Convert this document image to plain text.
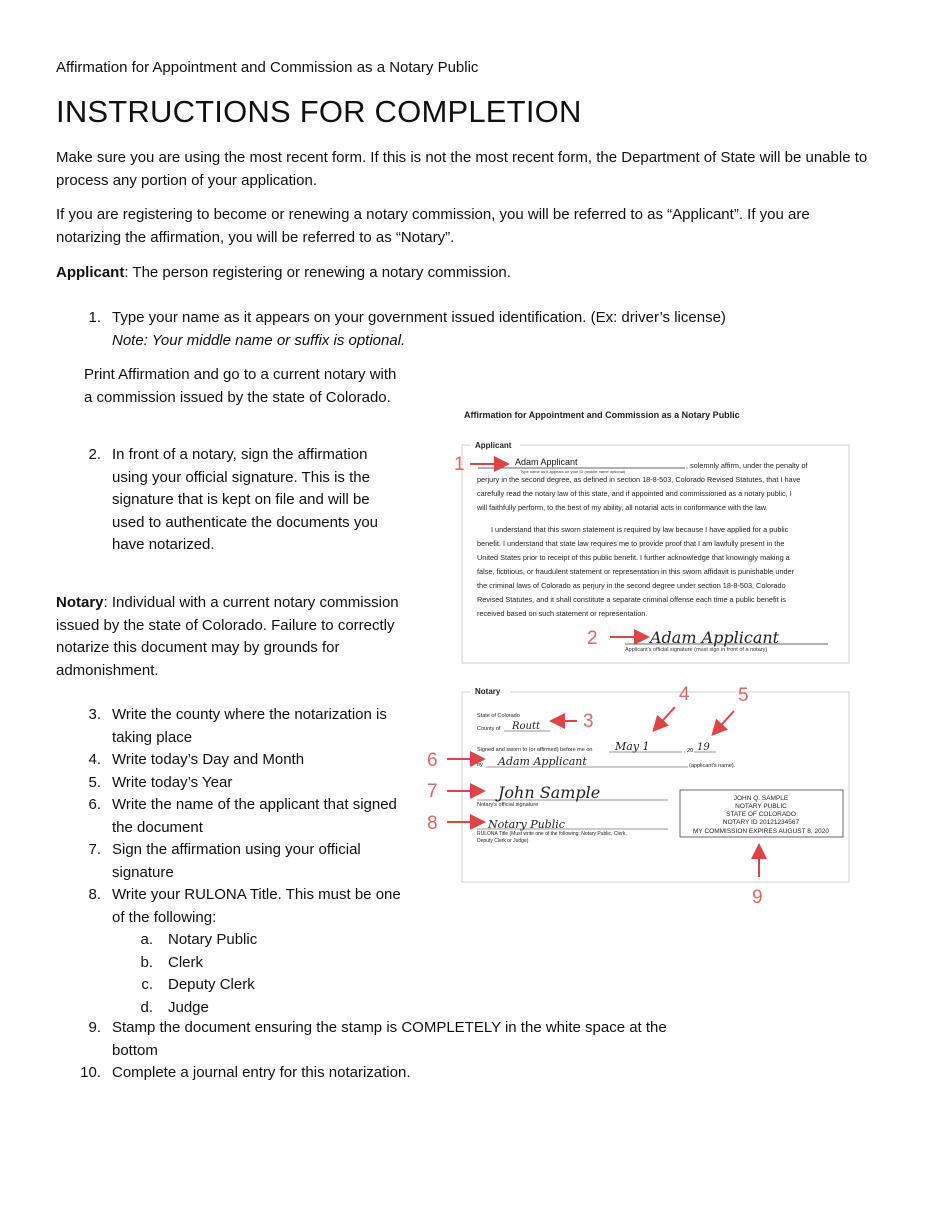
Affirmation for Appointment and Commission as a Notary Public

INSTRUCTIONS FOR COMPLETION

Make sure you are using the most recent form. If this is not the most recent form, the Department of State will be unable to process any portion of your application.

If you are registering to become or renewing a notary commission, you will be referred to as “Applicant”. If you are notarizing the affirmation, you will be referred to as “Notary”.

Applicant: The person registering or renewing a notary commission.

1. Type your name as it appears on your government issued identification. (Ex: driver’s license)
Note: Your middle name or suffix is optional.

Print Affirmation and go to a current notary with a commission issued by the state of Colorado.

2. In front of a notary, sign the affirmation using your official signature. This is the signature that is kept on file and will be used to authenticate the documents you have notarized.

Notary: Individual with a current notary commission issued by the state of Colorado. Failure to correctly notarize this document may by grounds for admonishment.

3. Write the county where the notarization is taking place
4. Write today’s Day and Month
5. Write today’s Year
6. Write the name of the applicant that signed the document
7. Sign the affirmation using your official signature
8. Write your RULONA Title. This must be one of the following:
a. Notary Public
b. Clerk
c. Deputy Clerk
d. Judge
9. Stamp the document ensuring the stamp is COMPLETELY in the white space at the bottom
10. Complete a journal entry for this notarization.
Affirmation for Appointment and Commission as a Notary Public
Applicant
Adam Applicant
Type name as it appears on your ID (middle name optional)
, solemnly affirm, under the penalty of
perjury in the second degree, as defined in section 18-8-503, Colorado Revised Statutes, that I have
carefully read the notary law of this state, and if appointed and commissioned as a notary public, I
will faithfully perform, to the best of my ability, all notarial acts in conformance with the law.
I understand that this sworn statement is required by law because I have applied for a public
benefit. I understand that state law requires me to provide proof that I am lawfully present in the
United States prior to receipt of this public benefit. I further acknowledge that knowingly making a
false, fictitious, or fraudulent statement or representation in this sworn affidavit is punishable under
the criminal laws of Colorado as perjury in the second degree under section 18-8-503, Colorado
Revised Statutes, and it shall constitute a separate criminal offense each time a public benefit is
received based on such statement or representation.
Adam Applicant
Applicant's official signature (must sign in front of a notary)
Notary
State of Colorado
County of Routt
Signed and sworn to (or affirmed) before me on May 1	, 20 19
by Adam Applicant	(applicant's name).
John Sample
Notary's official signature
Notary Public
RULONA Title (Must write one of the following: Notary Public, Clerk,
Deputy Clerk or Judge)
JOHN Q. SAMPLE
NOTARY PUBLIC
STATE OF COLORADO
NOTARY ID 20121234567
MY COMMISSION EXPIRES AUGUST 8, 2020
1
2
3
4	5
6
7
8
9
